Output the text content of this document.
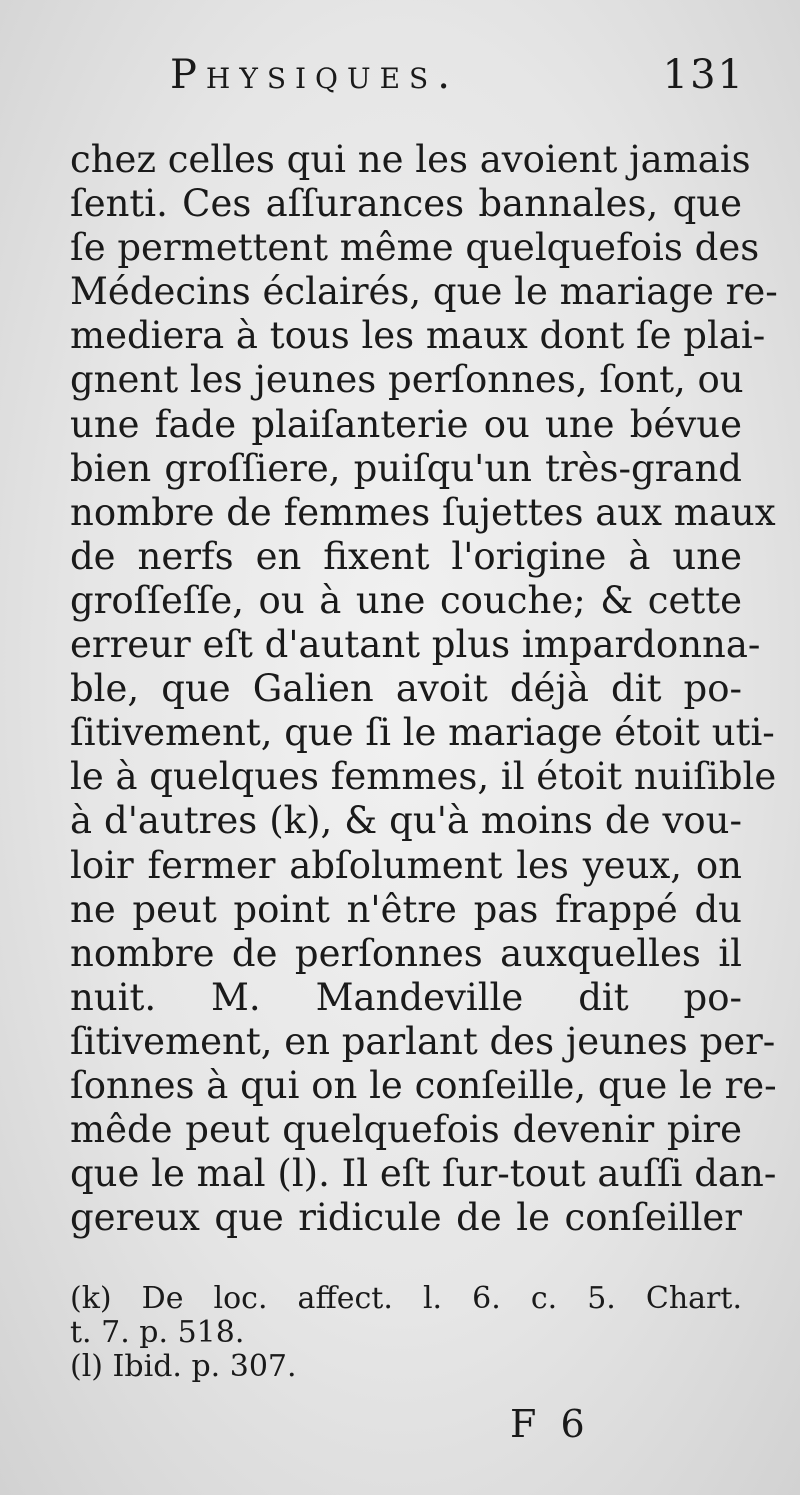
Physiques.	131
chez celles qui ne les avoient jamais
ſenti. Ces aſſurances bannales, que
ſe permettent même quelquefois des
Médecins éclairés, que le mariage re-
mediera à tous les maux dont ſe plai-
gnent les jeunes perſonnes, ſont, ou
une fade plaiſanterie ou une bévue
bien groſſiere, puiſqu'un très-grand
nombre de femmes ſujettes aux maux
de nerfs en fixent l'origine à une
groſſeſſe, ou à une couche; & cette
erreur eſt d'autant plus impardonna-
ble, que Galien avoit déjà dit po-
ſitivement, que ſi le mariage étoit uti-
le à quelques femmes, il étoit nuiſible
à d'autres (k), & qu'à moins de vou-
loir fermer abſolument les yeux, on
ne peut point n'être pas frappé du
nombre de perſonnes auxquelles il
nuit. M. Mandeville dit po-
ſitivement, en parlant des jeunes per-
ſonnes à qui on le conſeille, que le re-
mêde peut quelquefois devenir pire
que le mal (l). Il eſt ſur-tout auſſi dan-
gereux que ridicule de le conſeiller
(k) De loc. affect. l. 6. c. 5. Chart.
t. 7. p. 518.
(l) Ibid. p. 307.
F 6
